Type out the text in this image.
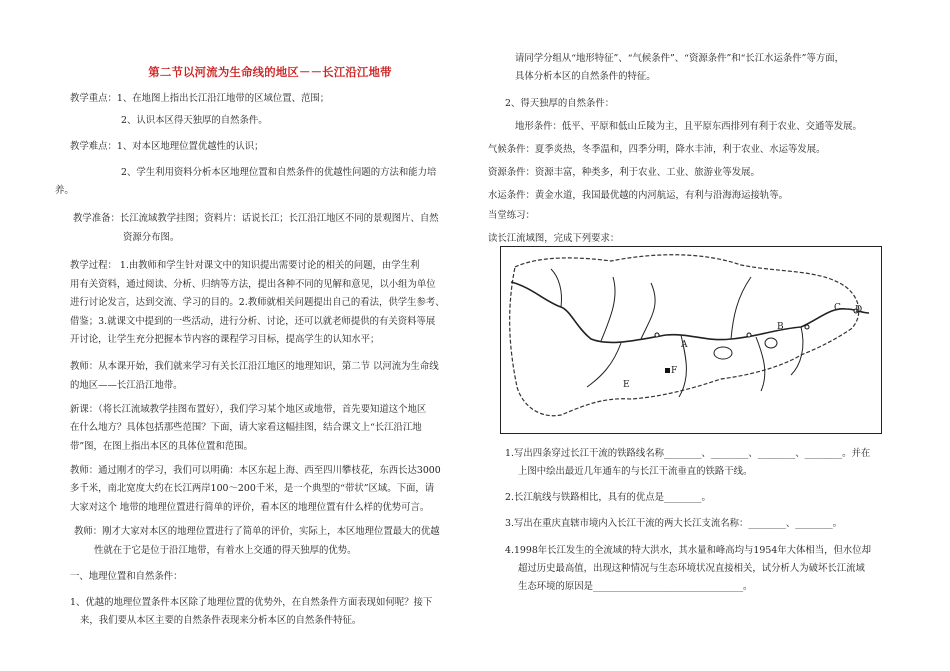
第二节以河流为生命线的地区－－长江沿江地带

教学重点：1、在地图上指出长江沿江地带的区域位置、范围；

2、认识本区得天独厚的自然条件。

教学难点：1、对本区地理位置优越性的认识；

2、学生利用资料分析本区地理位置和自然条件的优越性问题的方法和能力培

养。

教学准备：长江流域教学挂图；资料片：话说长江；长江沿江地区不同的景观图片、自然

资源分布图。

教学过程： 1.由教师和学生针对课文中的知识提出需要讨论的相关的问题，由学生利

用有关资料，通过阅读、分析、归纳等方法，提出各种不同的见解和意见，以小组为单位

进行讨论发言，达到交流、学习的目的。2.教师就相关问题提出自己的看法，供学生参考、

借鉴；3.就课文中提到的一些活动，进行分析、讨论，还可以就老师提供的有关资料等展

开讨论，让学生充分把握本节内容的课程学习目标，提高学生的认知水平；

教师：从本课开始，我们就来学习有关长江沿江地区的地理知识，第二节 以河流为生命线

的地区——长江沿江地带。

新课：（将长江流域教学挂图布置好），我们学习某个地区或地带，首先要知道这个地区

在什么地方？具体包括那些范围？下面，请大家看这幅挂图，结合课文上“长江沿江地

带”图，在图上指出本区的具体位置和范围。

教师：通过刚才的学习，我们可以明确：本区东起上海、西至四川攀枝花，东西长达3000

多千米，南北宽度大约在长江两岸100～200千米，是一个典型的“带状”区域。下面，请

大家对这个 地带的地理位置进行简单的评价，看本区的地理位置有什么样的优势可言。

教师：刚才大家对本区的地理位置进行了简单的评价，实际上，本区地理位置最大的优越

性就在于它是位于沿江地带，有着水上交通的得天独厚的优势。

一、地理位置和自然条件：

1、优越的地理位置条件本区除了地理位置的优势外，在自然条件方面表现如何呢？接下

来，我们要从本区主要的自然条件表现来分析本区的自然条件特征。

请同学分组从“地形特征”、“气候条件”、“资源条件”和“长江水运条件”等方面，

具体分析本区的自然条件的特征。

2、得天独厚的自然条件：

地形条件：低平、平原和低山丘陵为主，且平原东西排列有利于农业、交通等发展。

气候条件：夏季炎热，冬季温和，四季分明，降水丰沛，利于农业、水运等发展。

资源条件：资源丰富，种类多，利于农业、工业、旅游业等发展。

水运条件：黄金水道，我国最优越的内河航运，有利与沿海海运接轨等。

当堂练习：

读长江流域图，完成下列要求：

A
B
C D
E
F

1.写出四条穿过长江干流的铁路线名称________、________、________、________。并在

上图中绘出最近几年通车的与长江干流垂直的铁路干线。

2.长江航线与铁路相比，具有的优点是________。

3.写出在重庆直辖市境内入长江干流的两大长江支流名称：________、________。

4.1998年长江发生的全流域的特大洪水，其水量和峰高均与1954年大体相当，但水位却

超过历史最高值，出现这种情况与生态环境状况直接相关，试分析人为破坏长江流域

生态环境的原因是________________________________。
